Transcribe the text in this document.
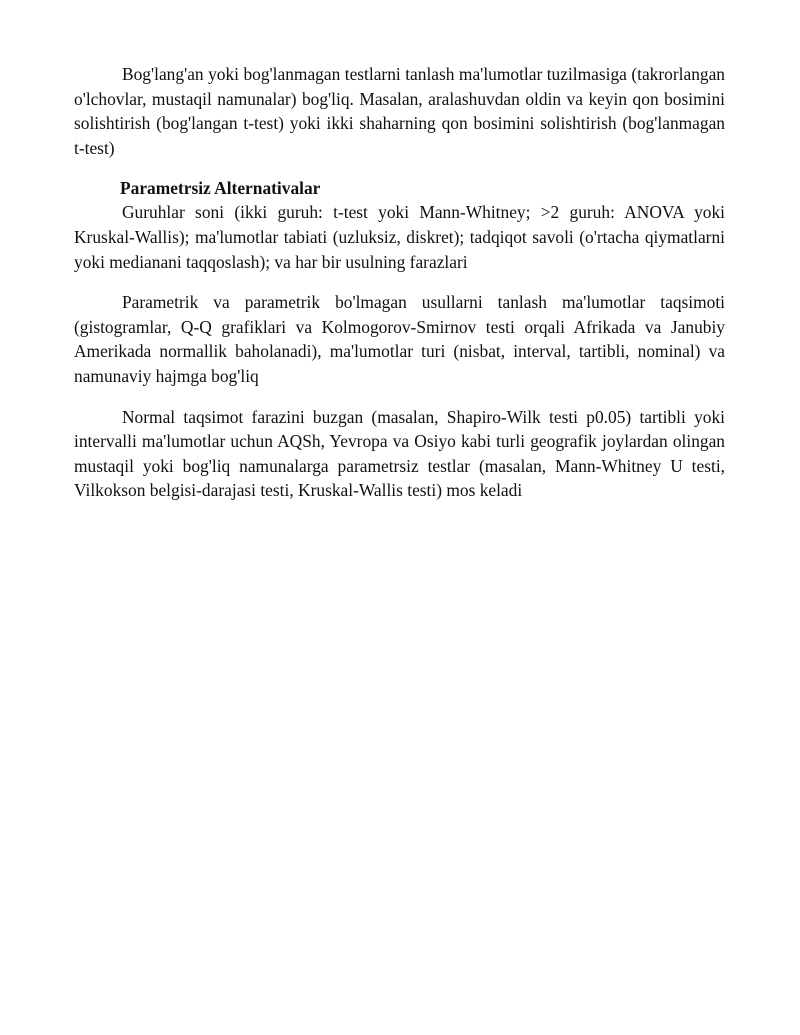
Bog'lang'an yoki bog'lanmagan testlarni tanlash ma'lumotlar tuzilmasiga (takrorlangan o'lchovlar, mustaqil namunalar) bog'liq. Masalan, aralashuvdan oldin va keyin qon bosimini solishtirish (bog'langan t-test) yoki ikki shaharning qon bosimini solishtirish (bog'lanmagan t-test)

Parametrsiz Alternativalar

Guruhlar soni (ikki guruh: t-test yoki Mann-Whitney; >2 guruh: ANOVA yoki Kruskal-Wallis); ma'lumotlar tabiati (uzluksiz, diskret); tadqiqot savoli (o'rtacha qiymatlarni yoki medianani taqqoslash); va har bir usulning farazlari

Parametrik va parametrik bo'lmagan usullarni tanlash ma'lumotlar taqsimoti (gistogramlar, Q-Q grafiklari va Kolmogorov-Smirnov testi orqali Afrikada va Janubiy Amerikada normallik baholanadi), ma'lumotlar turi (nisbat, interval, tartibli, nominal) va namunaviy hajmga bog'liq

Normal taqsimot farazini buzgan (masalan, Shapiro-Wilk testi p0.05) tartibli yoki intervalli ma'lumotlar uchun AQSh, Yevropa va Osiyo kabi turli geografik joylardan olingan mustaqil yoki bog'liq namunalarga parametrsiz testlar (masalan, Mann-Whitney U testi, Vilkokson belgisi-darajasi testi, Kruskal-Wallis testi) mos keladi
